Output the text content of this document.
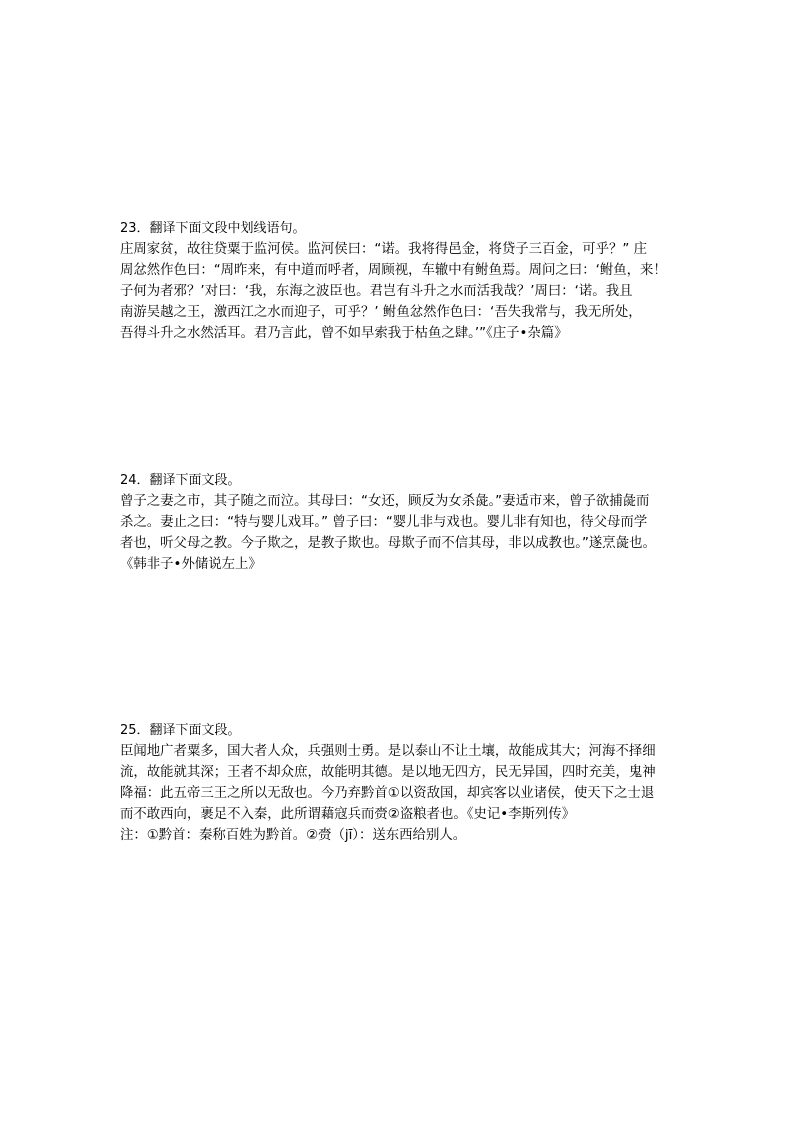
23．翻译下面文段中划线语句。
庄周家贫，故往贷粟于监河侯。监河侯曰：“诺。我将得邑金，将贷子三百金，可乎？” 庄
周忿然作色曰：“周昨来，有中道而呼者，周顾视，车辙中有鲋鱼焉。周问之曰：‘鲋鱼，来！
子何为者邪？’对曰：‘我，东海之波臣也。君岂有斗升之水而活我哉？’周曰：‘诺。我且
南游吴越之王，激西江之水而迎子，可乎？’ 鲋鱼忿然作色曰：‘吾失我常与，我无所处，
吾得斗升之水然活耳。君乃言此，曾不如早索我于枯鱼之肆。’”《庄子•杂篇》
24．翻译下面文段。
曾子之妻之市，其子随之而泣。其母曰：“女还，顾反为女杀彘。”妻适市来，曾子欲捕彘而
杀之。妻止之曰：“特与婴儿戏耳。” 曾子曰：“婴儿非与戏也。婴儿非有知也，待父母而学
者也，听父母之教。今子欺之，是教子欺也。母欺子而不信其母，非以成教也。”遂烹彘也。
《韩非子•外储说左上》
25．翻译下面文段。
臣闻地广者粟多，国大者人众，兵强则士勇。是以泰山不让土壤，故能成其大；河海不择细
流，故能就其深；王者不却众庶，故能明其德。是以地无四方，民无异国，四时充美，鬼神
降福：此五帝三王之所以无敌也。今乃弃黔首①以资敌国，却宾客以业诸侯，使天下之士退
而不敢西向，裹足不入秦，此所谓藉寇兵而赍②盗粮者也。《史记•李斯列传》
注：①黔首：秦称百姓为黔首。②赍（jī）：送东西给别人。
